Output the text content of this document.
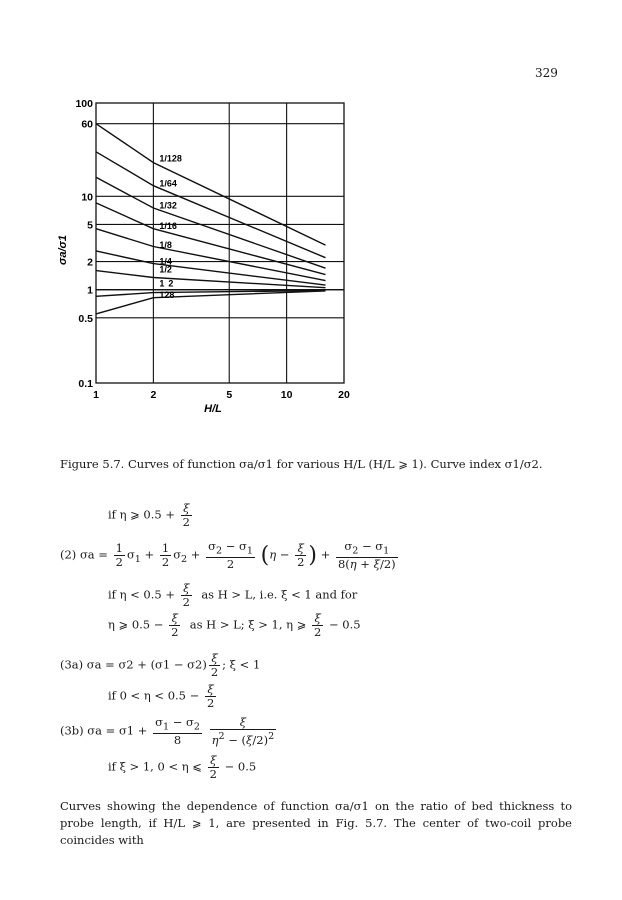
329
1	2	5	10	20
100
60
10
5
2
1
0.5
0.1
1/128
1/64
1/32
1/16
1/8
1/4
1/2
1 2
128
H/L
σa/σ1
Figure 5.7. Curves of function σa/σ1 for various H/L (H/L ⩾ 1). Curve index σ1/σ2.
if η ⩾ $0.5 + \frac{\xi}{2}$
(2) $\sigma a = \frac{1}{2} \sigma_1 + \frac{1}{2} \sigma_2 + \frac{\sigma_2 - \sigma_1}{2} (\eta - \frac{\xi}{2}$ ) + $\frac{\sigma_2 - \sigma_1}{8(\eta + \xi/2)}$
if $\eta < 0.5 + \frac{\xi}{2}$ as H > L, i.e. ξ < 1 and for
η ⩾ $0.5 - \frac{\xi}{2}$ as H > L; ξ > 1, η ⩾ $\frac{\xi}{2} - 0.5$
(3a) $\sigma a = \sigma 2 + (\sigma 1 - \sigma 2) \frac{\xi}{2}$ ; ξ < 1
if $0 < \eta < 0.5 - \frac{\xi}{2}$
(3b) $\sigma a = \sigma 1 + \frac{\sigma_1 - \sigma_2}{8}$
$\frac{\xi}{\eta^2 - (\xi/2)^2}$
if ξ > 1, 0 < η ⩽ $\frac{\xi}{2} - 0.5$
Curves showing the dependence of function σa/σ1 on the ratio of bed thickness to probe length, if H/L ⩾ 1, are presented in Fig. 5.7. The center of two-coil probe coincides with
